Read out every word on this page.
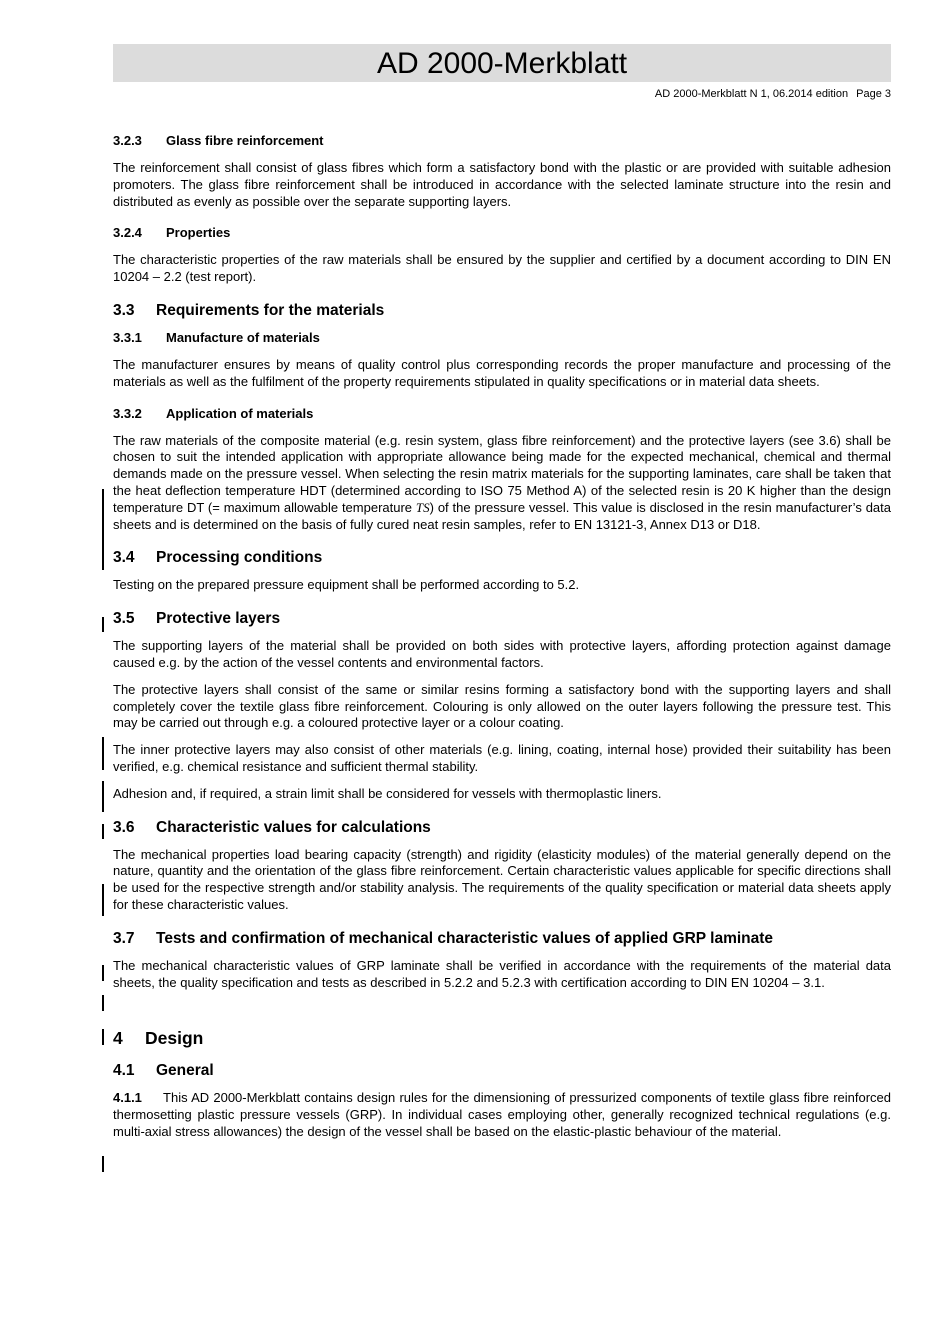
AD 2000-Merkblatt
AD 2000-Merkblatt N 1, 06.2014 edition Page 3
3.2.3 Glass fibre reinforcement

The reinforcement shall consist of glass fibres which form a satisfactory bond with the plastic or are provided with suitable adhesion promoters. The glass fibre reinforcement shall be introduced in accordance with the selected laminate structure into the resin and distributed as evenly as possible over the separate supporting layers.

3.2.4 Properties

The characteristic properties of the raw materials shall be ensured by the supplier and certified by a document according to DIN EN 10204 – 2.2 (test report).

3.3 Requirements for the materials
3.3.1 Manufacture of materials

The manufacturer ensures by means of quality control plus corresponding records the proper manufacture and processing of the materials as well as the fulfilment of the property requirements stipulated in quality specifications or in material data sheets.

3.3.2 Application of materials

The raw materials of the composite material (e.g. resin system, glass fibre reinforcement) and the protective layers (see 3.6) shall be chosen to suit the intended application with appropriate allowance being made for the expected mechanical, chemical and thermal demands made on the pressure vessel. When selecting the resin matrix materials for the supporting laminates, care shall be taken that the heat deflection temperature HDT (determined according to ISO 75 Method A) of the selected resin is 20 K higher than the design temperature DT (= maximum allowable temperature TS) of the pressure vessel. This value is disclosed in the resin manufacturer’s data sheets and is determined on the basis of fully cured neat resin samples, refer to EN 13121-3, Annex D13 or D18.

3.4 Processing conditions

Testing on the prepared pressure equipment shall be performed according to 5.2.

3.5 Protective layers

The supporting layers of the material shall be provided on both sides with protective layers, affording protection against damage caused e.g. by the action of the vessel contents and environmental factors.

The protective layers shall consist of the same or similar resins forming a satisfactory bond with the supporting layers and shall completely cover the textile glass fibre reinforcement. Colouring is only allowed on the outer layers following the pressure test. This may be carried out through e.g. a coloured protective layer or a colour coating.

The inner protective layers may also consist of other materials (e.g. lining, coating, internal hose) provided their suitability has been verified, e.g. chemical resistance and sufficient thermal stability.

Adhesion and, if required, a strain limit shall be considered for vessels with thermoplastic liners.

3.6 Characteristic values for calculations

The mechanical properties load bearing capacity (strength) and rigidity (elasticity modules) of the material generally depend on the nature, quantity and the orientation of the glass fibre reinforcement. Certain characteristic values applicable for specific directions shall be used for the respective strength and/or stability analysis. The requirements of the quality specification or material data sheets apply for these characteristic values.

3.7 Tests and confirmation of mechanical characteristic values of applied GRP laminate

The mechanical characteristic values of GRP laminate shall be verified in accordance with the requirements of the material data sheets, the quality specification and tests as described in 5.2.2 and 5.2.3 with certification according to DIN EN 10204 – 3.1.

4 Design
4.1 General

4.1.1 This AD 2000-Merkblatt contains design rules for the dimensioning of pressurized components of textile glass fibre reinforced thermosetting plastic pressure vessels (GRP). In individual cases employing other, generally recognized technical regulations (e.g. multi-axial stress allowances) the design of the vessel shall be based on the elastic-plastic behaviour of the material.
